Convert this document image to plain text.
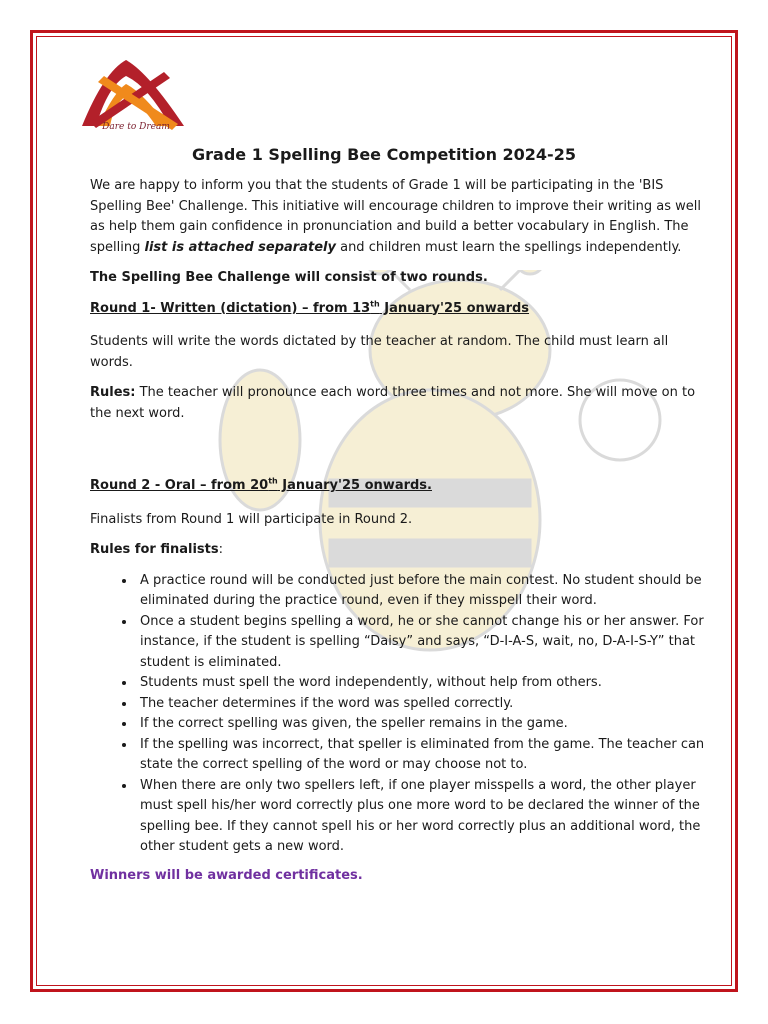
Dare to Dream
Grade 1 Spelling Bee Competition 2024-25

We are happy to inform you that the students of Grade 1 will be participating in the 'BIS Spelling Bee' Challenge. This initiative will encourage children to improve their writing as well as help them gain confidence in pronunciation and build a better vocabulary in English. The spelling list is attached separately and children must learn the spellings independently.

The Spelling Bee Challenge will consist of two rounds.

Round 1- Written (dictation) – from 13th January'25 onwards

Students will write the words dictated by the teacher at random. The child must learn all words.

Rules: The teacher will pronounce each word three times and not more. She will move on to the next word.

Round 2 - Oral – from 20th January'25 onwards.

Finalists from Round 1 will participate in Round 2.

Rules for finalists:

• A practice round will be conducted just before the main contest. No student should be eliminated during the practice round, even if they misspell their word.
• Once a student begins spelling a word, he or she cannot change his or her answer. For instance, if the student is spelling “Daisy” and says, “D-I-A-S, wait, no, D-A-I-S-Y” that student is eliminated.
• Students must spell the word independently, without help from others.
• The teacher determines if the word was spelled correctly.
• If the correct spelling was given, the speller remains in the game.
• If the spelling was incorrect, that speller is eliminated from the game. The teacher can state the correct spelling of the word or may choose not to.
• When there are only two spellers left, if one player misspells a word, the other player must spell his/her word correctly plus one more word to be declared the winner of the spelling bee. If they cannot spell his or her word correctly plus an additional word, the other student gets a new word.

Winners will be awarded certificates.
